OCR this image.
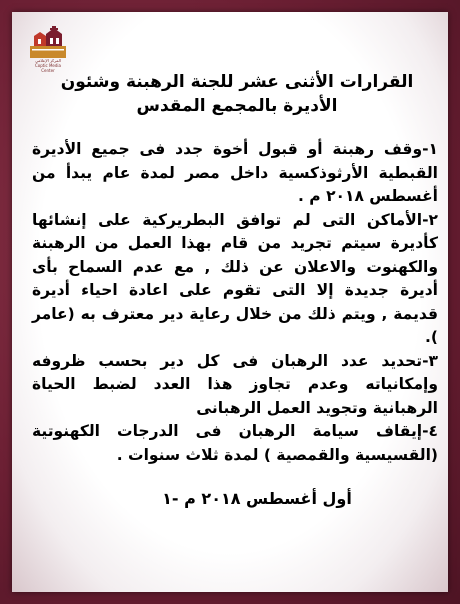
المركز الإعلامي
Coptic Media Center
القرارات الأثنى عشر للجنة الرهبنة وشئون الأديرة بالمجمع المقدس

١-وقف رهبنة أو قبول أخوة جدد فى جميع الأديرة القبطية الأرثوذكسية داخل مصر لمدة عام يبدأ من أغسطس ٢٠١٨ م .

٢-الأماكن التى لم توافق البطريركية على إنشائها كأديرة سيتم تجريد من قام بهذا العمل من الرهبنة والكهنوت والاعلان عن ذلك , مع عدم السماح بأى أديرة جديدة إلا التى تقوم على اعادة احياء أديرة قديمة , ويتم ذلك من خلال رعاية دير معترف به (عامر ).

٣-تحديد عدد الرهبان فى كل دير بحسب ظروفه وإمكانياته وعدم تجاوز هذا العدد لضبط الحياة الرهبانية وتجويد العمل الرهبانى

٤-إيقاف سيامة الرهبان فى الدرجات الكهنوتية (القسيسية والقمصية ) لمدة ثلاث سنوات .

أول أغسطس ٢٠١٨ م -١
